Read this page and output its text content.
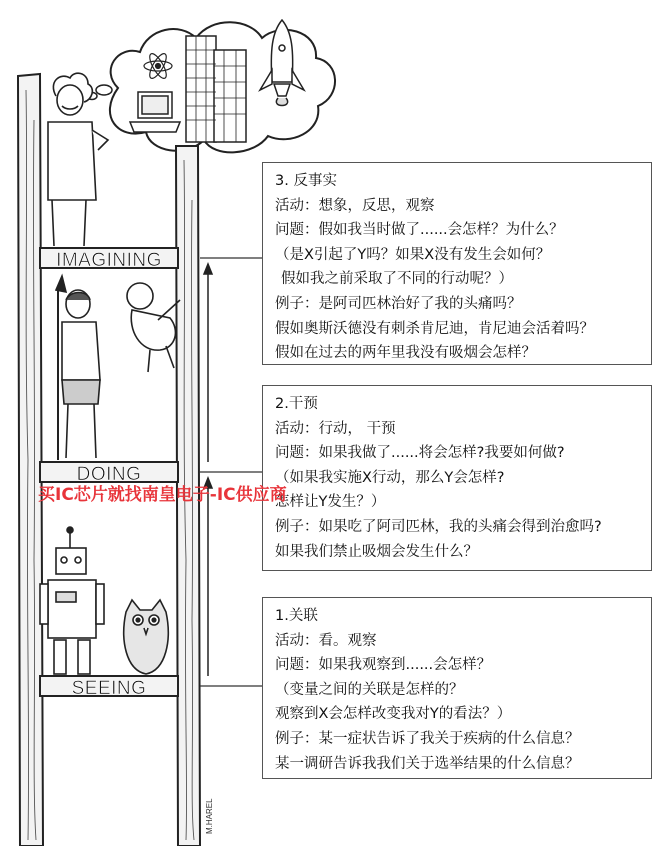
IMAGINING
DOING
SEEING
M.HAREL
3. 反事实
活动：想象，反思，观察
问题：假如我当时做了......会怎样？为什么？
（是X引起了Y吗？如果X没有发生会如何？
假如我之前采取了不同的行动呢？）
例子：是阿司匹林治好了我的头痛吗？
假如奥斯沃德没有刺杀肯尼迪，肯尼迪会活着吗？
假如在过去的两年里我没有吸烟会怎样？
2.干预
活动：行动， 干预
问题：如果我做了......将会怎样?我要如何做?
（如果我实施X行动，那么Y会怎样?
怎样让Y发生？）
例子：如果吃了阿司匹林，我的头痛会得到治愈吗?
如果我们禁止吸烟会发生什么？
1.关联
活动：看。观察
问题：如果我观察到......会怎样？
（变量之间的关联是怎样的？
观察到X会怎样改变我对Y的看法？）
例子：某一症状告诉了我关于疾病的什么信息？
某一调研告诉我我们关于选举结果的什么信息？
买IC芯片就找南皇电子-IC供应商
